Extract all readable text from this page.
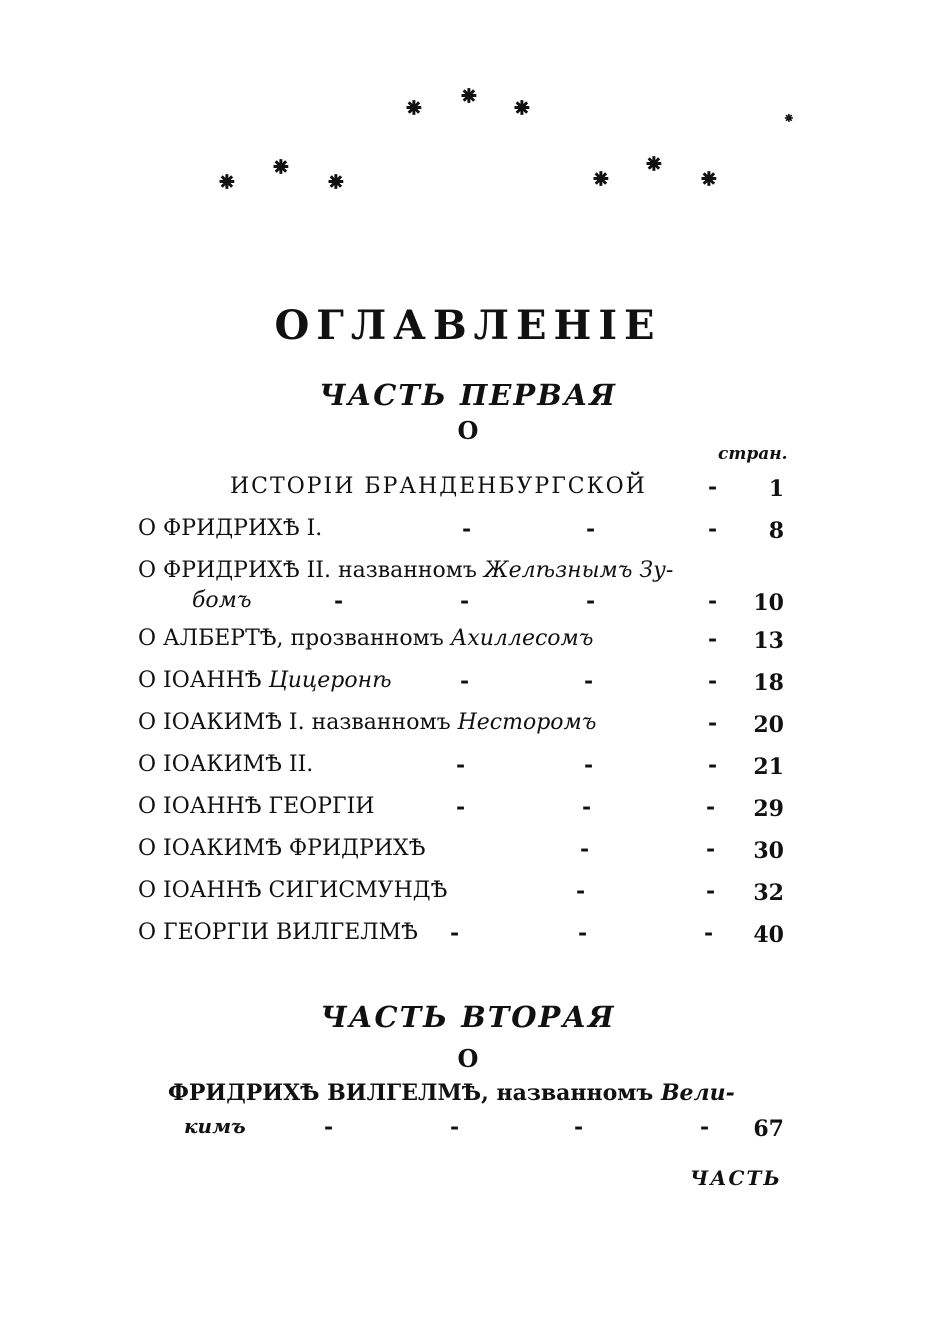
⁕ ⁕ ⁕
⁕ ⁕ ⁕	⁕ ⁕ ⁕
⁕
ОГЛАВЛЕНІЕ
ЧАСТЬ ПЕРВАЯ
О
стран.
ИСТОРІИ БРАНДЕНБУРГСКОЙ	- 1
О ФРИДРИХѢ І.	-	-	- 8
О ФРИДРИХѢ ІІ. названномъ Желѣзнымъ Зу-
бомъ	-	-	-	- 10
О АЛБЕРТѢ, прозванномъ Ахиллесомъ	- 13
О ІОАННѢ Цицеронѣ	-	-	- 18
О ІОАКИМѢ І. названномъ Несторомъ	- 20
О ІОАКИМѢ ІІ.	-	-	- 21
О ІОАННѢ ГЕОРГІИ	-	-	- 29
О ІОАКИМѢ ФРИДРИХѢ	-	- 30
О ІОАННѢ СИГИСМУНДѢ	-	- 32
О ГЕОРГІИ ВИЛГЕЛМѢ -	-	- 40
ЧАСТЬ ВТОРАЯ
О
ФРИДРИХѢ ВИЛГЕЛМѢ, названномъ Вели-
кимъ	-	-	-	- 67
ЧАСТЬ
